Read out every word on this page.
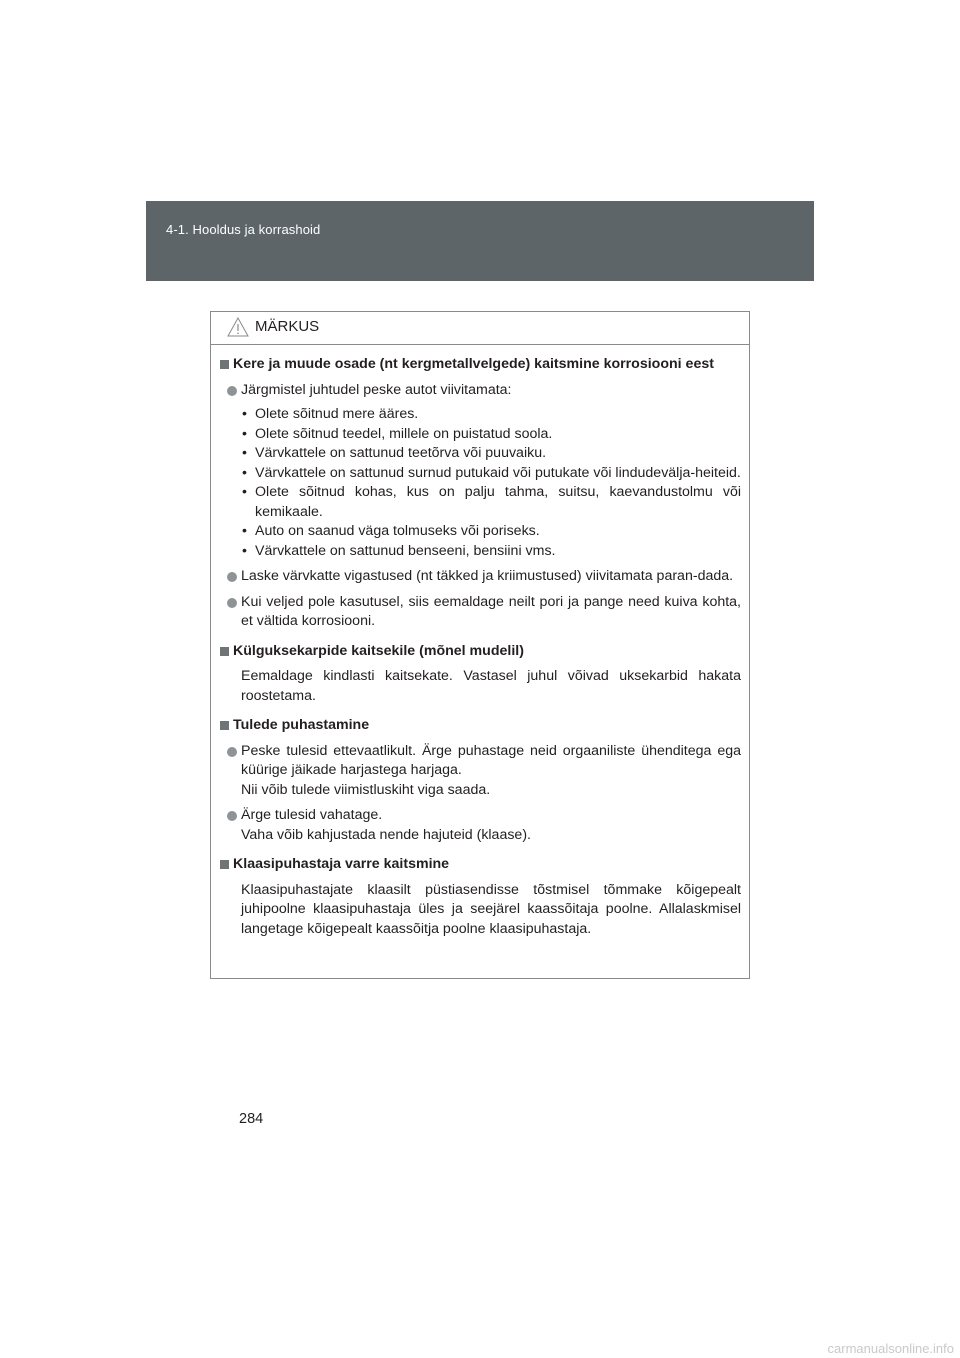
4-1. Hooldus ja korrashoid
MÄRKUS
Kere ja muude osade (nt kergmetallvelgede) kaitsmine korrosiooni eest
Järgmistel juhtudel peske autot viivitamata:
• Olete sõitnud mere ääres.
• Olete sõitnud teedel, millele on puistatud soola.
• Värvkattele on sattunud teetõrva või puuvaiku.
• Värvkattele on sattunud surnud putukaid või putukate või lindudevälja-heiteid.
• Olete sõitnud kohas, kus on palju tahma, suitsu, kaevandustolmu või kemikaale.
• Auto on saanud väga tolmuseks või poriseks.
• Värvkattele on sattunud benseeni, bensiini vms.
Laske värvkatte vigastused (nt täkked ja kriimustused) viivitamata paran-dada.
Kui veljed pole kasutusel, siis eemaldage neilt pori ja pange need kuiva kohta, et vältida korrosiooni.
Külguksekarpide kaitsekile (mõnel mudelil)
Eemaldage kindlasti kaitsekate. Vastasel juhul võivad uksekarbid hakata roostetama.
Tulede puhastamine
Peske tulesid ettevaatlikult. Ärge puhastage neid orgaaniliste ühenditega ega küürige jäikade harjastega harjaga.
Nii võib tulede viimistluskiht viga saada.
Ärge tulesid vahatage.
Vaha võib kahjustada nende hajuteid (klaase).
Klaasipuhastaja varre kaitsmine
Klaasipuhastajate klaasilt püstiasendisse tõstmisel tõmmake kõigepealt juhipoolne klaasipuhastaja üles ja seejärel kaassõitaja poolne. Allalaskmisel langetage kõigepealt kaassõitja poolne klaasipuhastaja.
284
carmanualsonline.info
